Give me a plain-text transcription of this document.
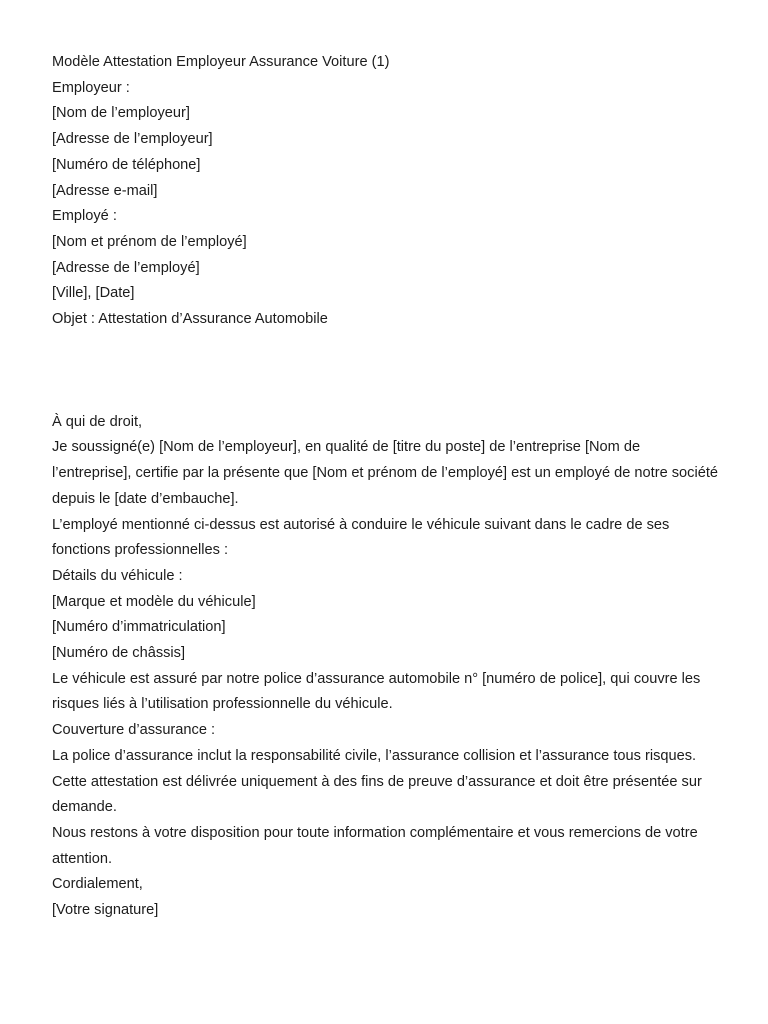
Modèle Attestation Employeur Assurance Voiture (1)
Employeur :
[Nom de l’employeur]
[Adresse de l’employeur]
[Numéro de téléphone]
[Adresse e-mail]
Employé :
[Nom et prénom de l’employé]
[Adresse de l’employé]
[Ville], [Date]
Objet : Attestation d’Assurance Automobile
À qui de droit,
Je soussigné(e) [Nom de l’employeur], en qualité de [titre du poste] de l’entreprise [Nom de l’entreprise], certifie par la présente que [Nom et prénom de l’employé] est un employé de notre société depuis le [date d’embauche].
L’employé mentionné ci-dessus est autorisé à conduire le véhicule suivant dans le cadre de ses fonctions professionnelles :
Détails du véhicule :
[Marque et modèle du véhicule]
[Numéro d’immatriculation]
[Numéro de châssis]
Le véhicule est assuré par notre police d’assurance automobile n° [numéro de police], qui couvre les risques liés à l’utilisation professionnelle du véhicule.
Couverture d’assurance :
La police d’assurance inclut la responsabilité civile, l’assurance collision et l’assurance tous risques.
Cette attestation est délivrée uniquement à des fins de preuve d’assurance et doit être présentée sur demande.
Nous restons à votre disposition pour toute information complémentaire et vous remercions de votre attention.
Cordialement,
[Votre signature]
